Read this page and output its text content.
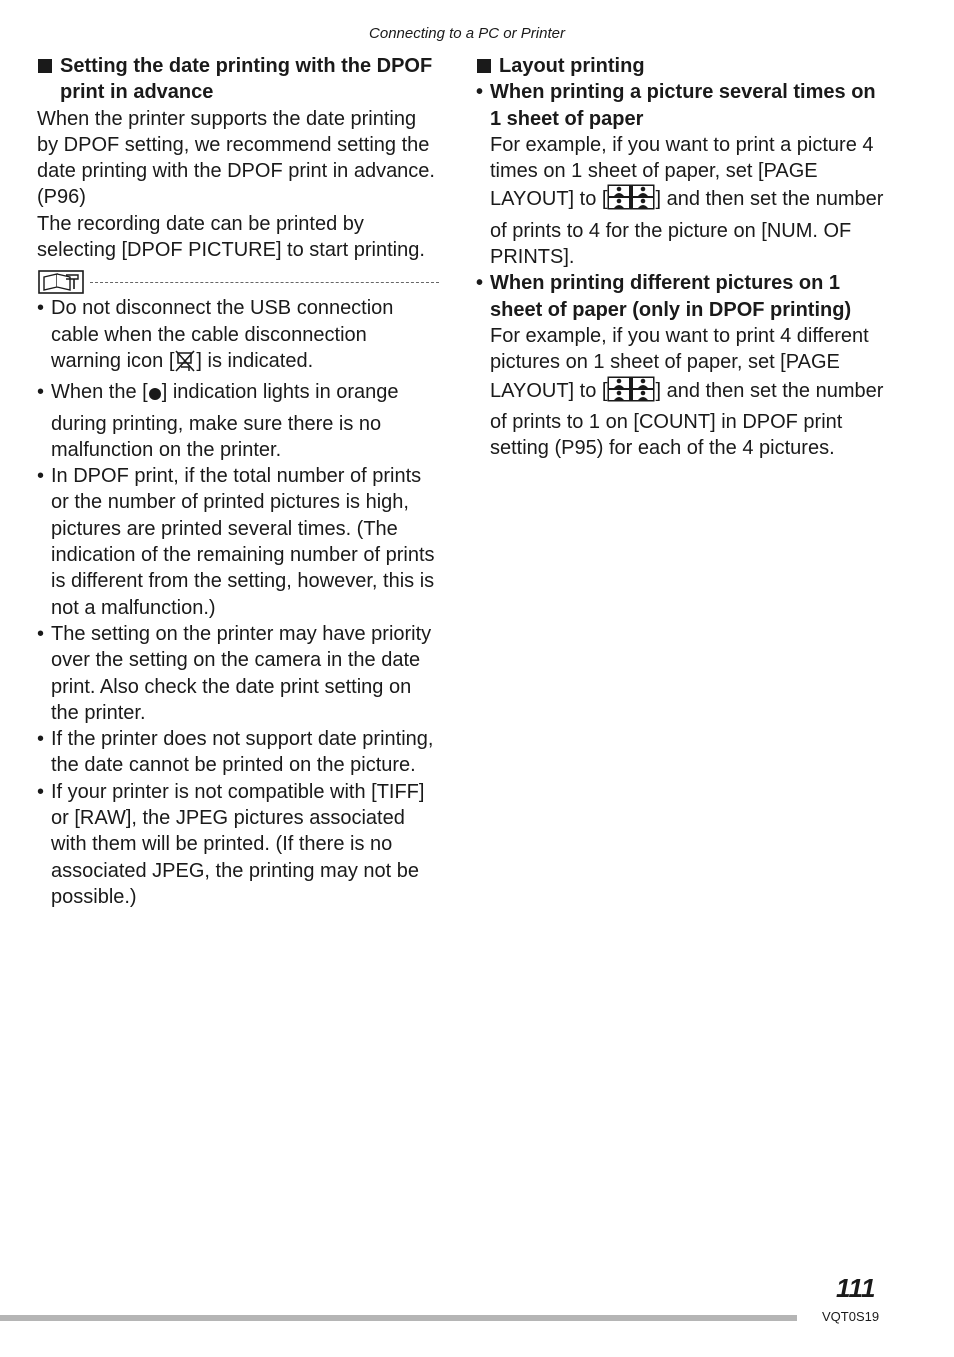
Connecting to a PC or Printer
Setting the date printing with the DPOF print in advance

When the printer supports the date printing by DPOF setting, we recommend setting the date printing with the DPOF print in advance. (P96)

The recording date can be printed by selecting [DPOF PICTURE] to start printing.

• Do not disconnect the USB connection cable when the cable disconnection warning icon [ ] is indicated.
• When the [ ] indication lights in orange during printing, make sure there is no malfunction on the printer.
• In DPOF print, if the total number of prints or the number of printed pictures is high, pictures are printed several times. (The indication of the remaining number of prints is different from the setting, however, this is not a malfunction.)
• The setting on the printer may have priority over the setting on the camera in the date print. Also check the date print setting on the printer.
• If the printer does not support date printing, the date cannot be printed on the picture.
• If your printer is not compatible with [TIFF] or [RAW], the JPEG pictures associated with them will be printed. (If there is no associated JPEG, the printing may not be possible.)
Layout printing
• When printing a picture several times on 1 sheet of paper
For example, if you want to print a picture 4 times on 1 sheet of paper, set [PAGE LAYOUT] to [ ] and then set the number of prints to 4 for the picture on [NUM. OF PRINTS].
• When printing different pictures on 1 sheet of paper (only in DPOF printing)
For example, if you want to print 4 different pictures on 1 sheet of paper, set [PAGE LAYOUT] to [ ] and then set the number of prints to 1 on [COUNT] in DPOF print setting (P95) for each of the 4 pictures.
111
VQT0S19
